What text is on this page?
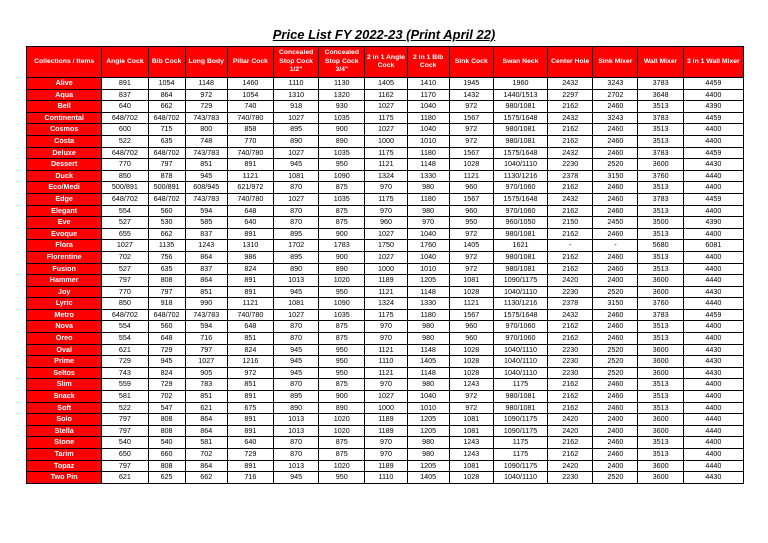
Price List FY 2022-23 (Print April 22)
Collections / Items	Angle Cock	Bib Cock	Long Body	Pillar Cock	Concealed Stop Cock 1/2"	Concealed Stop Cock 3/4"	2 in 1 Angle Cock	2 in 1 Bib Cock	Sink Cock	Swan Neck	Center Hole	Sink Mixer	Wall Mixer	3 in 1 Wall Mixer
Alive	891	1054	1148	1460	1110	1130	1405	1410	1945	1960	2432	3243	3783	4459
Aqua	837	864	972	1054	1310	1320	1162	1170	1432	1440/1513	2297	2702	3648	4400
Bell	640	662	729	740	918	930	1027	1040	972	980/1081	2162	2460	3513	4390
Continental	648/702	648/702	743/783	740/780	1027	1035	1175	1180	1567	1575/1648	2432	3243	3783	4459
Cosmos	600	715	800	858	895	900	1027	1040	972	980/1081	2162	2460	3513	4400
Costa	522	635	748	770	890	890	1000	1010	972	980/1081	2162	2460	3513	4400
Deluxe	648/702	648/702	743/783	740/780	1027	1035	1175	1180	1567	1575/1648	2432	2460	3783	4459
Dessert	770	797	851	891	945	950	1121	1148	1028	1040/1110	2230	2520	3600	4430
Duck	850	878	945	1121	1081	1090	1324	1330	1121	1130/1216	2378	3150	3760	4440
Eco/Medi	500/891	500/891	608/945	621/972	870	875	970	980	960	970/1060	2162	2460	3513	4400
Edge	648/702	648/702	743/783	740/780	1027	1035	1175	1180	1567	1575/1648	2432	2460	3783	4459
Elegant	554	560	594	648	870	875	970	980	960	970/1060	2162	2460	3513	4400
Eve	527	530	585	640	870	875	960	970	950	960/1050	2150	2450	3500	4390
Evoque	655	662	837	891	895	900	1027	1040	972	980/1081	2162	2460	3513	4400
Flora	1027	1135	1243	1310	1702	1783	1750	1760	1405	1621	-	-	5680	6081
Florentine	702	756	864	986	895	900	1027	1040	972	980/1081	2162	2460	3513	4400
Fusion	527	635	837	824	890	890	1000	1010	972	980/1081	2162	2460	3513	4400
Hammer	797	808	864	891	1013	1020	1189	1205	1081	1090/1175	2420	2400	3600	4440
Joy	770	797	851	891	945	950	1121	1148	1028	1040/1110	2230	2520	3600	4430
Lyric	850	918	990	1121	1081	1090	1324	1330	1121	1130/1216	2378	3150	3760	4440
Metro	648/702	648/702	743/783	740/780	1027	1035	1175	1180	1567	1575/1648	2432	2460	3783	4459
Nova	554	560	594	648	870	875	970	980	960	970/1060	2162	2460	3513	4400
Oreo	554	648	716	851	870	875	970	980	960	970/1060	2162	2460	3513	4400
Oval	621	729	797	824	945	950	1121	1148	1028	1040/1110	2230	2520	3600	4430
Prime	729	945	1027	1216	945	950	1110	1405	1028	1040/1110	2230	2520	3600	4430
Seltos	743	824	905	972	945	950	1121	1148	1028	1040/1110	2230	2520	3600	4430
Slim	559	729	783	851	870	875	970	980	1243	1175	2162	2460	3513	4400
Snack	581	702	851	891	895	900	1027	1040	972	980/1081	2162	2460	3513	4400
Soft	522	547	621	675	890	890	1000	1010	972	980/1081	2162	2460	3513	4400
Solo	797	808	864	891	1013	1020	1189	1205	1081	1090/1175	2420	2400	3600	4440
Stella	797	808	864	891	1013	1020	1189	1205	1081	1090/1175	2420	2400	3600	4440
Stone	540	540	581	640	870	875	970	980	1243	1175	2162	2460	3513	4400
Tarim	650	660	702	729	870	875	970	980	1243	1175	2162	2460	3513	4400
Topaz	797	808	864	891	1013	1020	1189	1205	1081	1090/1175	2420	2400	3600	4440
Two Pin	621	625	662	716	945	950	1110	1405	1028	1040/1110	2230	2520	3600	4430
